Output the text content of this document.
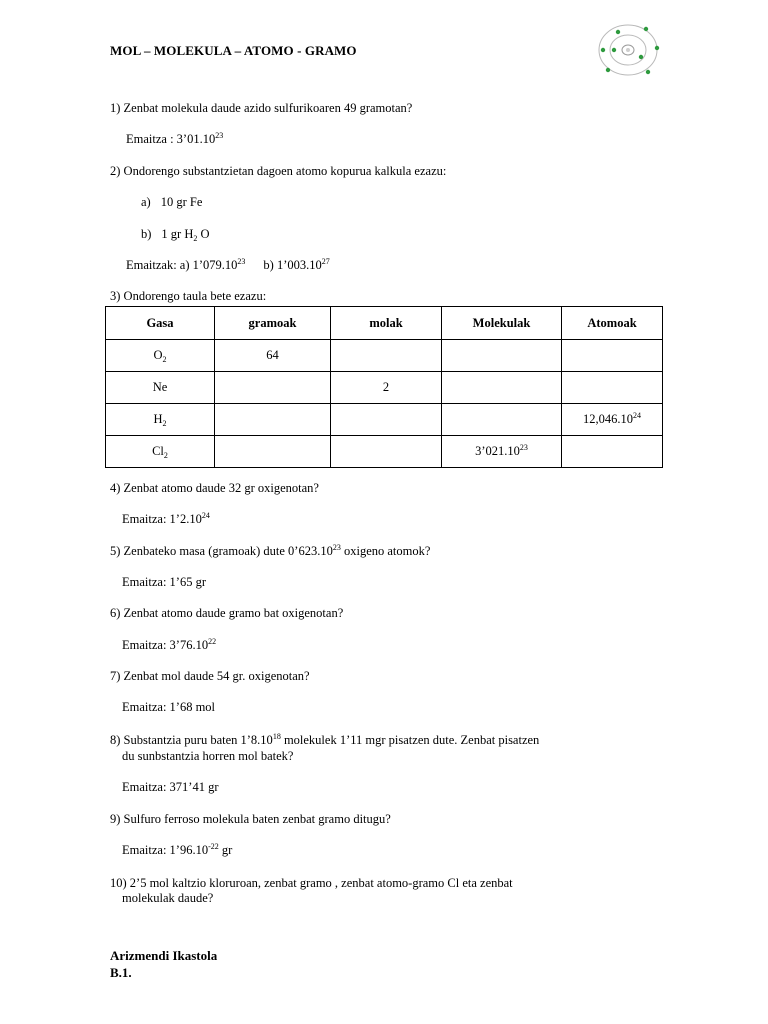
MOL – MOLEKULA – ATOMO - GRAMO
1) Zenbat molekula daude azido sulfurikoaren 49 gramotan?
Emaitza : 3’01.10$^{23}$
2) Ondorengo substantzietan dagoen atomo kopurua kalkula ezazu:
a) 10 gr Fe
b) 1 gr $H_2$ O
Emaitzak: a) 1’079.10$^{23}$ b) 1’003.10$^{27}$
3) Ondorengo taula bete ezazu:
Gasa	gramoak	molak	Molekulak	Atomoak
$O_2$	64			
Ne		2		
$H_2$				12,046.10$^{24}$
$Cl_2$			3’021.10$^{23}$	
4) Zenbat atomo daude 32 gr oxigenotan?
Emaitza: 1’2.10$^{24}$
5) Zenbateko masa (gramoak) dute 0’623.10$^{23}$ oxigeno atomok?
Emaitza: 1’65 gr
6) Zenbat atomo daude gramo bat oxigenotan?
Emaitza: 3’76.10$^{22}$
7) Zenbat mol daude 54 gr. oxigenotan?
Emaitza: 1’68 mol
8) Substantzia puru baten 1’8.10$^{18}$ molekulek 1’11 mgr pisatzen dute. Zenbat pisatzen
du sunbstantzia horren mol batek?
Emaitza: 371’41 gr
9) Sulfuro ferroso molekula baten zenbat gramo ditugu?
Emaitza: $1’96.10^{-22}$ gr
10) 2’5 mol kaltzio kloruroan, zenbat gramo , zenbat atomo-gramo Cl eta zenbat
molekulak daude?
Arizmendi Ikastola
B.1.
